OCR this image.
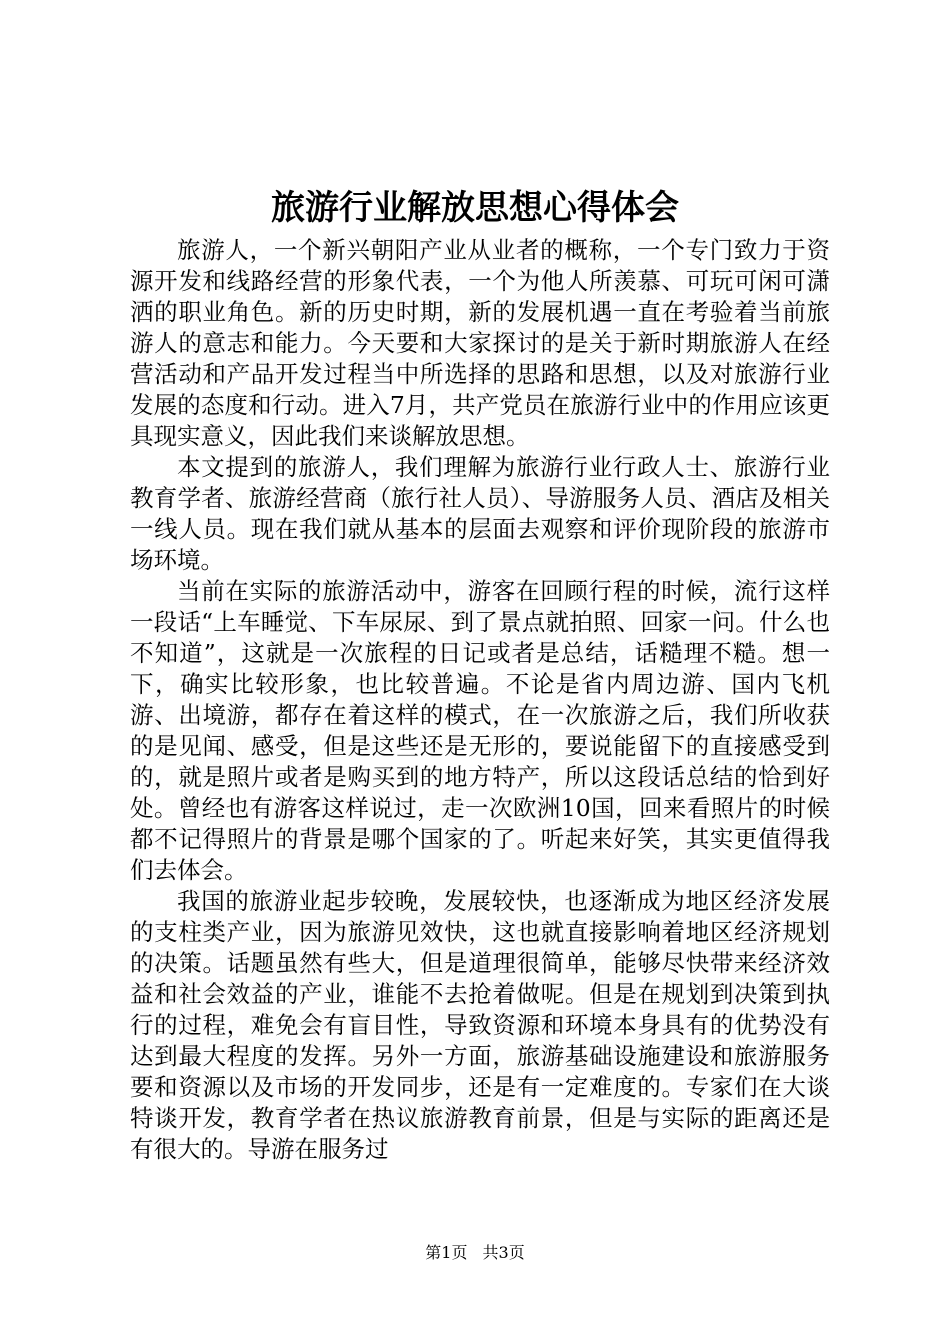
旅游行业解放思想心得体会

旅游人，一个新兴朝阳产业从业者的概称，一个专门致力于资源开发和线路经营的形象代表，一个为他人所羡慕、可玩可闲可潇洒的职业角色。新的历史时期，新的发展机遇一直在考验着当前旅游人的意志和能力。今天要和大家探讨的是关于新时期旅游人在经营活动和产品开发过程当中所选择的思路和思想，以及对旅游行业发展的态度和行动。进入7月，共产党员在旅游行业中的作用应该更具现实意义，因此我们来谈解放思想。

本文提到的旅游人，我们理解为旅游行业行政人士、旅游行业教育学者、旅游经营商（旅行社人员）、导游服务人员、酒店及相关一线人员。现在我们就从基本的层面去观察和评价现阶段的旅游市场环境。

当前在实际的旅游活动中，游客在回顾行程的时候，流行这样一段话“上车睡觉、下车尿尿、到了景点就拍照、回家一问。什么也不知道”，这就是一次旅程的日记或者是总结，话糙理不糙。想一下，确实比较形象，也比较普遍。不论是省内周边游、国内飞机游、出境游，都存在着这样的模式，在一次旅游之后，我们所收获的是见闻、感受，但是这些还是无形的，要说能留下的直接感受到的，就是照片或者是购买到的地方特产，所以这段话总结的恰到好处。曾经也有游客这样说过，走一次欧洲10国，回来看照片的时候都不记得照片的背景是哪个国家的了。听起来好笑，其实更值得我们去体会。

我国的旅游业起步较晚，发展较快，也逐渐成为地区经济发展的支柱类产业，因为旅游见效快，这也就直接影响着地区经济规划的决策。话题虽然有些大，但是道理很简单，能够尽快带来经济效益和社会效益的产业，谁能不去抢着做呢。但是在规划到决策到执行的过程，难免会有盲目性，导致资源和环境本身具有的优势没有达到最大程度的发挥。另外一方面，旅游基础设施建设和旅游服务要和资源以及市场的开发同步，还是有一定难度的。专家们在大谈特谈开发，教育学者在热议旅游教育前景，但是与实际的距离还是有很大的。导游在服务过

第1页 共3页
